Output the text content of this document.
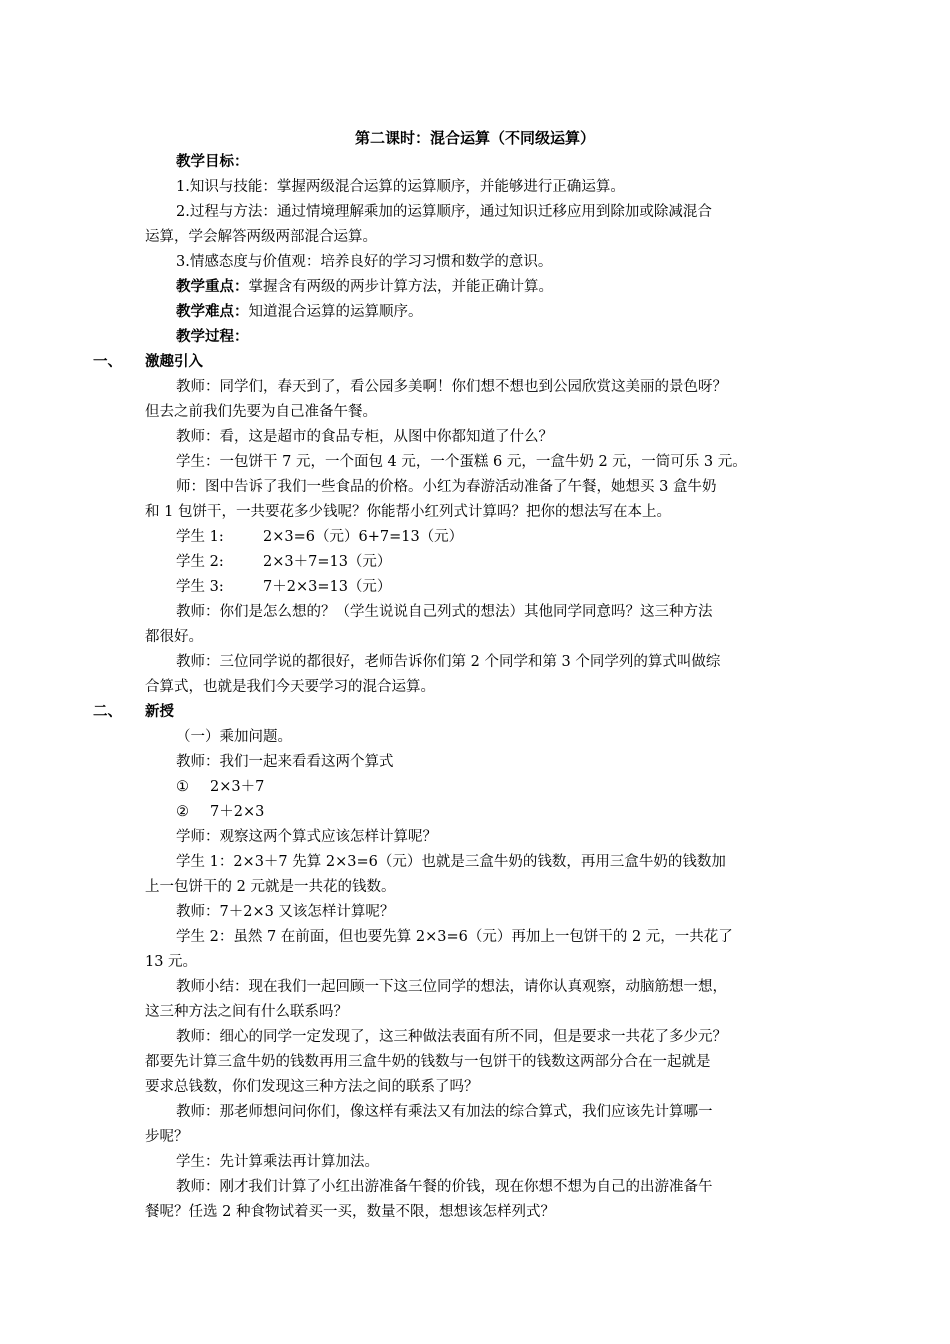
第二课时：混合运算（不同级运算）
教学目标：
1.知识与技能：掌握两级混合运算的运算顺序，并能够进行正确运算。
2.过程与方法：通过情境理解乘加的运算顺序，通过知识迁移应用到除加或除减混合
运算，学会解答两级两部混合运算。
3.情感态度与价值观：培养良好的学习习惯和数学的意识。
教学重点：掌握含有两级的两步计算方法，并能正确计算。
教学难点：知道混合运算的运算顺序。
教学过程：
一、 激趣引入
教师：同学们，春天到了，看公园多美啊！你们想不想也到公园欣赏这美丽的景色呀？
但去之前我们先要为自己准备午餐。
教师：看，这是超市的食品专柜，从图中你都知道了什么？
学生：一包饼干 7 元，一个面包 4 元，一个蛋糕 6 元，一盒牛奶 2 元，一筒可乐 3 元。
师：图中告诉了我们一些食品的价格。小红为春游活动准备了午餐，她想买 3 盒牛奶
和 1 包饼干，一共要花多少钱呢？你能帮小红列式计算吗？把你的想法写在本上。
学生 1:	2×3=6（元）6+7=13（元）
学生 2:	2×3＋7=13（元）
学生 3:	7＋2×3=13（元）
教师：你们是怎么想的？（学生说说自己列式的想法）其他同学同意吗？这三种方法
都很好。
教师：三位同学说的都很好，老师告诉你们第 2 个同学和第 3 个同学列的算式叫做综
合算式，也就是我们今天要学习的混合运算。
二、 新授
（一）乘加问题。
教师：我们一起来看看这两个算式
① 2×3＋7
② 7＋2×3
学师：观察这两个算式应该怎样计算呢？
学生 1：2×3＋7 先算 2×3=6（元）也就是三盒牛奶的钱数，再用三盒牛奶的钱数加
上一包饼干的 2 元就是一共花的钱数。
教师：7＋2×3 又该怎样计算呢？
学生 2：虽然 7 在前面，但也要先算 2×3=6（元）再加上一包饼干的 2 元，一共花了
13 元。
教师小结：现在我们一起回顾一下这三位同学的想法，请你认真观察，动脑筋想一想，
这三种方法之间有什么联系吗？
教师：细心的同学一定发现了，这三种做法表面有所不同，但是要求一共花了多少元？
都要先计算三盒牛奶的钱数再用三盒牛奶的钱数与一包饼干的钱数这两部分合在一起就是
要求总钱数，你们发现这三种方法之间的联系了吗？
教师：那老师想问问你们，像这样有乘法又有加法的综合算式，我们应该先计算哪一
步呢？
学生：先计算乘法再计算加法。
教师：刚才我们计算了小红出游准备午餐的价钱，现在你想不想为自己的出游准备午
餐呢？任选 2 种食物试着买一买，数量不限，想想该怎样列式？
